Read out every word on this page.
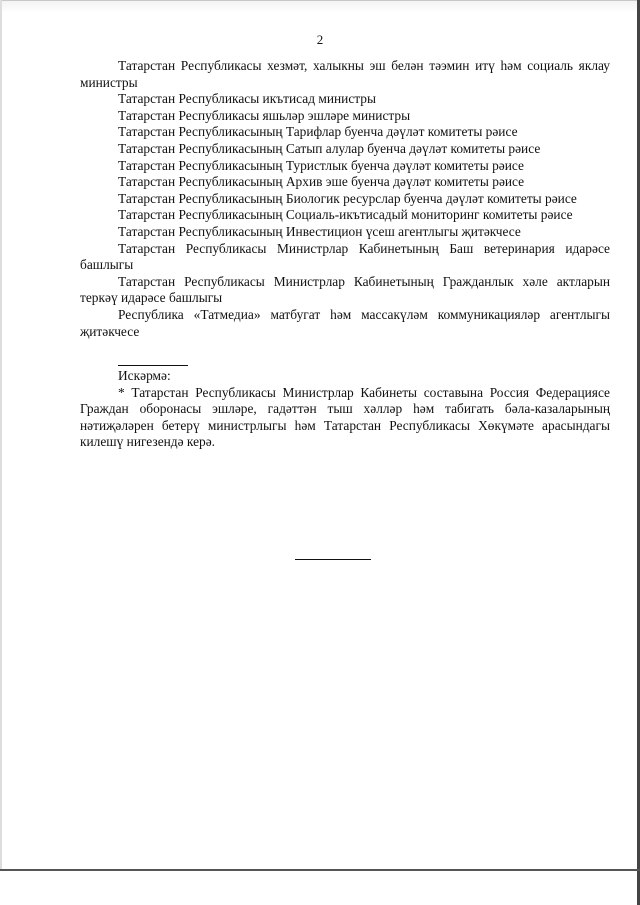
2

Татарстан Республикасы хезмәт, халыкны эш белән тәэмин итү һәм социаль яклау министры

Татарстан Республикасы икътисад министры

Татарстан Республикасы яшьләр эшләре министры

Татарстан Республикасының Тарифлар буенча дәүләт комитеты рәисе

Татарстан Республикасының Сатып алулар буенча дәүләт комитеты рәисе

Татарстан Республикасының Туристлык буенча дәүләт комитеты рәисе

Татарстан Республикасының Архив эше буенча дәүләт комитеты рәисе

Татарстан Республикасының Биологик ресурслар буенча дәүләт комитеты рәисе

Татарстан Республикасының Социаль-икътисадый мониторинг комитеты рәисе

Татарстан Республикасының Инвестицион үсеш агентлыгы җитәкчесе

Татарстан Республикасы Министрлар Кабинетының Баш ветеринария идарәсе башлыгы

Татарстан Республикасы Министрлар Кабинетының Гражданлык хәле актларын теркәү идарәсе башлыгы

Республика «Татмедиа» матбугат һәм массакүләм коммуникацияләр агентлыгы җитәкчесе

Искәрмә:

* Татарстан Республикасы Министрлар Кабинеты составына Россия Федерациясе Граждан оборонасы эшләре, гадәттән тыш хәлләр һәм табигать бәла-казаларының нәтиҗәләрен бетерү министрлыгы һәм Татарстан Республикасы Хөкүмәте арасындагы килешү нигезендә керә.
